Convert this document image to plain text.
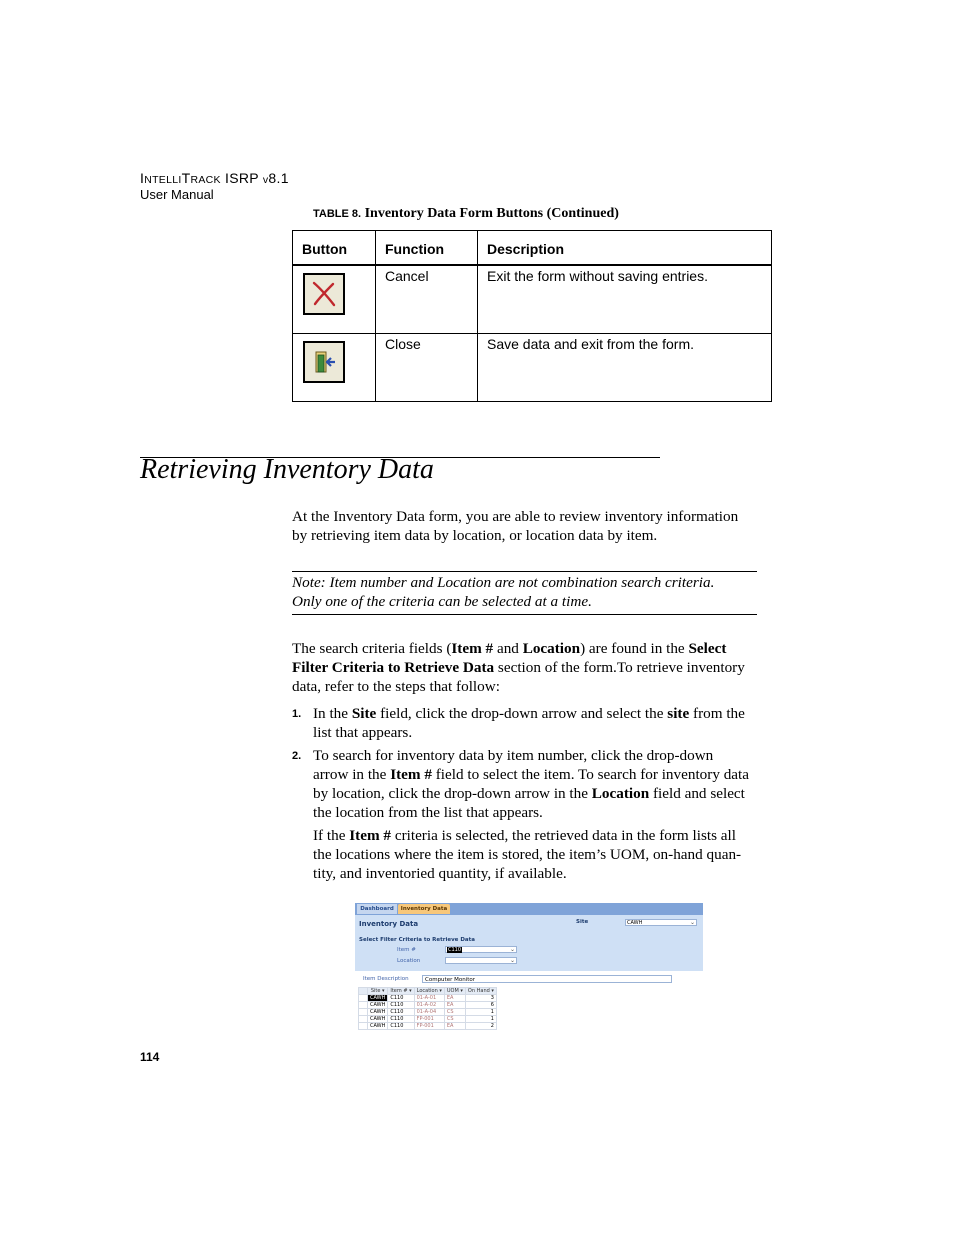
INTELLITRACK ISRP v8.1
User Manual
TABLE 8. Inventory Data Form Buttons (Continued)
Button	Function	Description

	Cancel	Exit the form without saving entries.

	Close	Save data and exit from the form.
Retrieving Inventory Data
At the Inventory Data form, you are able to review inventory information
by retrieving item data by location, or location data by item.
Note: Item number and Location are not combination search criteria.
Only one of the criteria can be selected at a time.
The search criteria fields (Item # and Location) are found in the Select
Filter Criteria to Retrieve Data section of the form.To retrieve inventory
data, refer to the steps that follow:
1. In the Site field, click the drop-down arrow and select the site from the
list that appears.
2. To search for inventory data by item number, click the drop-down
arrow in the Item # field to select the item. To search for inventory data
by location, click the drop-down arrow in the Location field and select
the location from the list that appears.
If the Item # criteria is selected, the retrieved data in the form lists all
the locations where the item is stored, the item’s UOM, on-hand quan-
tity, and inventoried quantity, if available.
Dashboard	Inventory Data
Inventory Data	Site	CAWH	⌄
Select Filter Criteria to Retrieve Data
Item #	C110	⌄
Location	⌄
Item Description	Computer Monitor
	Site ▾	Item # ▾	Location ▾	UOM ▾	On Hand ▾
	CAWH	C110	01-A-01	EA	3
	CAWH	C110	01-A-02	EA	6
	CAWH	C110	01-A-04	CS	1
	CAWH	C110	FP-001	CS	1
	CAWH	C110	FP-001	EA	2
114
